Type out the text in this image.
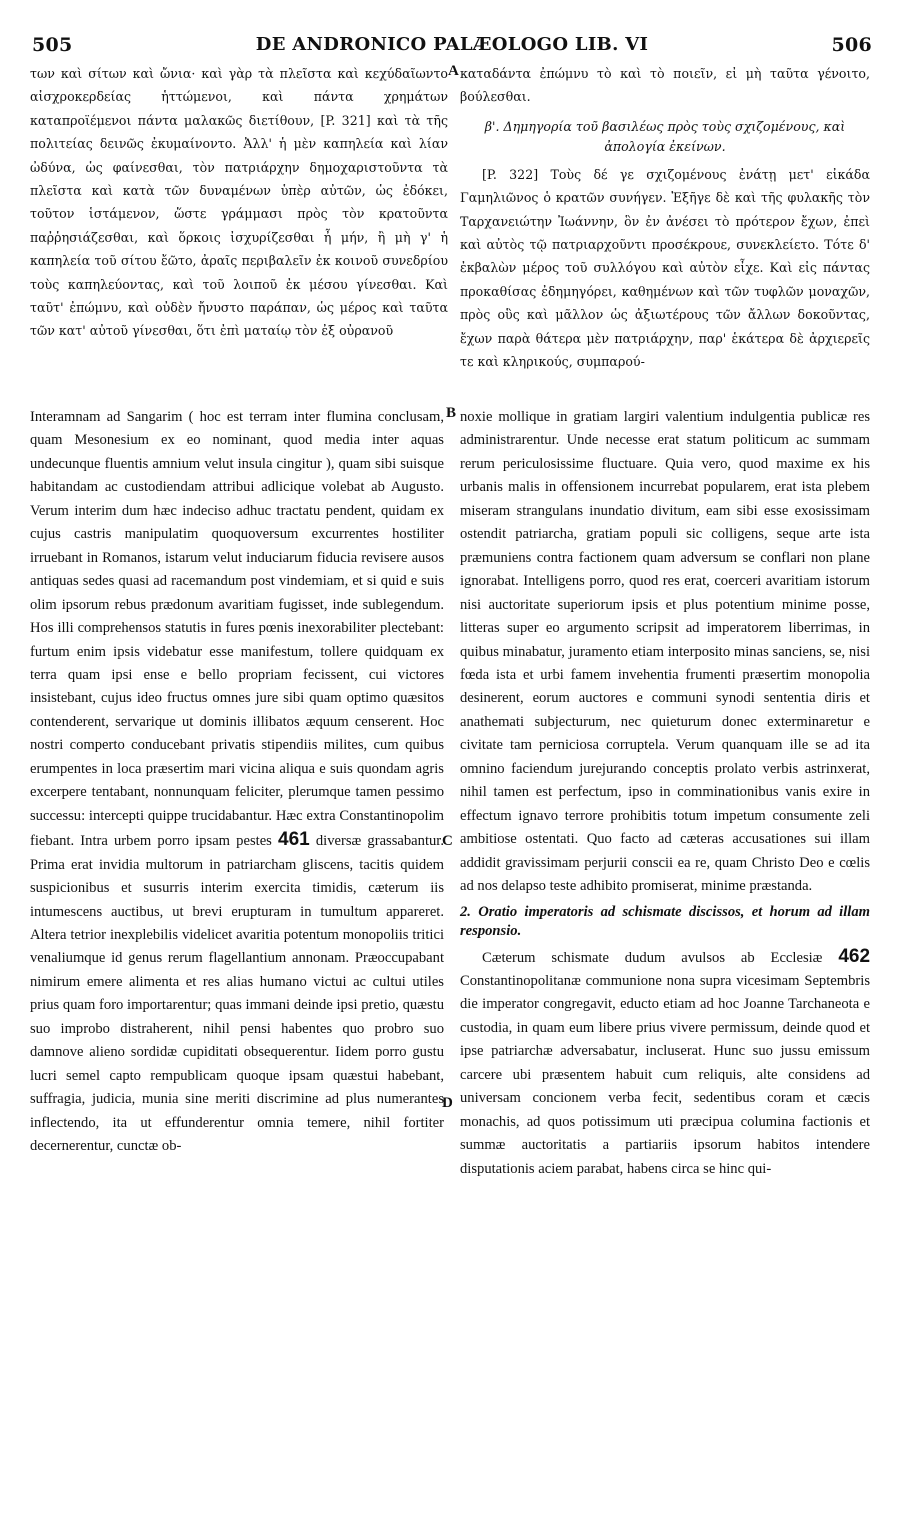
505	DE ANDRONICO PALÆOLOGO LIB. VI	506
A
B
C
D

των καὶ σίτων καὶ ὤνια· καὶ γὰρ τὰ πλεῖστα καὶ κεχύδαῖωντο αἰσχροκερδείας ἡττώμενοι, καὶ πάντα χρημάτων καταπροϊέμενοι πάντα μαλακῶς διετίθουν, [P. 321] καὶ τὰ τῆς πολιτείας δεινῶς ἐκυμαίνοντο. Ἀλλ' ἡ μὲν καπηλεία καὶ λίαν ὠδύνα, ὡς φαίνεσθαι, τὸν πατριάρχην δημοχαριστοῦντα τὰ πλεῖστα καὶ κατὰ τῶν δυναμένων ὑπὲρ αὐτῶν, ὡς ἐδόκει, τοῦτον ἱστάμενον, ὥστε γράμμασι πρὸς τὸν κρατοῦντα παῤῥησιάζεσθαι, καὶ ὅρκοις ἰσχυρίζεσθαι ἦ μήν, ἢ μὴ γ' ἡ καπηλεία τοῦ σίτου ἔῶτο, ἀραῖς περιβαλεῖν ἐκ κοινοῦ συνεδρίου τοὺς καπηλεύοντας, καὶ τοῦ λοιποῦ ἐκ μέσου γίνεσθαι. Καὶ ταῦτ' ἐπώμνυ, καὶ οὐδὲν ἤνυστο παράπαν, ὡς μέρος καὶ ταῦτα τῶν κατ' αὐτοῦ γίνεσθαι, ὅτι ἐπὶ ματαίῳ τὸν ἐξ οὐρανοῦ

καταδάντα ἐπώμνυ τὸ καὶ τὸ ποιεῖν, εἰ μὴ ταῦτα γένοιτο, βούλεσθαι.

β'. Δημηγορία τοῦ βασιλέως πρὸς τοὺς σχιζομένους, καὶ ἀπολογία ἐκείνων.

[P. 322] Τοὺς δέ γε σχιζομένους ἐνάτῃ μετ' εἰκάδα Γαμηλιῶνος ὁ κρατῶν συνήγεν. Ἐξῆγε δὲ καὶ τῆς φυλακῆς τὸν Ταρχανειώτην Ἰωάννην, ὃν ἐν ἀνέσει τὸ πρότερον ἔχων, ἐπεὶ καὶ αὐτὸς τῷ πατριαρχοῦντι προσέκρουε, συνεκλείετο. Τότε δ' ἐκβαλὼν μέρος τοῦ συλλόγου καὶ αὐτὸν εἶχε. Καὶ εἰς πάντας προκαθίσας ἐδημηγόρει, καθημένων καὶ τῶν τυφλῶν μοναχῶν, πρὸς οὓς καὶ μᾶλλον ὡς ἀξιωτέρους τῶν ἄλλων δοκοῦντας, ἔχων παρὰ θάτερα μὲν πατριάρχην, παρ' ἑκάτερα δὲ ἀρχιερεῖς τε καὶ κληρικούς, συμπαρού-

Interamnam ad Sangarim ( hoc est terram inter flumina conclusam, quam Mesonesium ex eo nominant, quod media inter aquas undecunque fluentis amnium velut insula cingitur ), quam sibi suisque habitandam ac custodiendam attribui adlicique volebat ab Augusto. Verum interim dum hæc indeciso adhuc tractatu pendent, quidam ex cujus castris manipulatim quoquoversum excurrentes hostiliter irruebant in Romanos, istarum velut induciarum fiducia revisere ausos antiquas sedes quasi ad racemandum post vindemiam, et si quid e suis olim ipsorum rebus prædonum avaritiam fugisset, inde sublegendum. Hos illi comprehensos statutis in fures pœnis inexorabiliter plectebant: furtum enim ipsis videbatur esse manifestum, tollere quidquam ex terra quam ipsi ense e bello propriam fecissent, cui victores insistebant, cujus ideo fructus omnes jure sibi quam optimo quæsitos contenderent, servarique ut dominis illibatos æquum censerent. Hoc nostri compertο conducebant privatis stipendiis milites, cum quibus erumpentes in loca præsertim mari vicina aliqua e suis quondam agris excerpere tentabant, nonnunquam feliciter, plerumque tamen pessimo successu: intercepti quippe trucidabantur. Hæc extra Constantinopolim fiebant. Intra urbem porro ipsam pestes 461 diversæ grassabantur. Prima erat invidia multorum in patriarcham gliscens, tacitis quidem suspicionibus et susurris interim exercita timidis, cæterum iis intumescens auctibus, ut brevi erupturam in tumultum appareret. Altera tetrior inexplebilis videlicet avaritia potentum monopoliis tritici venaliumque id genus rerum flagellantium annonam. Præoccupabant nimirum emere alimenta et res alias humano victui ac cultui utiles prius quam foro importarentur; quas immani deinde ipsi pretio, quæstu suo improbo distraherent, nihil pensi habentes quo probro suo damnove alieno sordidæ cupiditati obsequerentur. Iidem porro gustu lucri semel capto rempublicam quoque ipsam quæstui habebant, suffragia, judicia, munia sine meriti discrimine ad plus numerantes inflectendo, ita ut effunderentur omnia temere, nihil fortiter decernerentur, cunctæ ob-

noxie mollique in gratiam largiri valentium indulgentia publicæ res administrarentur. Unde necesse erat statum politicum ac summam rerum periculosissime fluctuare. Quia vero, quod maxime ex his urbanis malis in offensionem incurrebat popularem, erat ista plebem miseram strangulans inundatio divitum, eam sibi esse exosissimam ostendit patriarcha, gratiam populi sic colligens, seque arte ista præmuniens contra factionem quam adversum se conflari non plane ignorabat. Intelligens porro, quod res erat, coerceri avaritiam istorum nisi auctoritate superiorum ipsis et plus potentium minime posse, litteras super eo argumento scripsit ad imperatorem liberrimas, in quibus minabatur, juramento etiam interposito minas sanciens, se, nisi fœda ista et urbi famem invehentia frumenti præsertim monopolia desinerent, eorum auctores e communi synodi sententia diris et anathemati subjecturum, nec quieturum donec exterminaretur e civitate tam perniciosa corruptela. Verum quanquam ille se ad ita omnino faciendum jurejurando conceptis prolato verbis astrinxerat, nihil tamen est perfectum, ipso in comminationibus vanis exire in effectum ignavo terrore prohibitis totum impetum consumente zeli ambitiose ostentati. Quo facto ad cæteras accusationes sui illam addidit gravissimam perjurii conscii ea re, quam Christo Deo e cœlis ad nos delapso teste adhibito promiserat, minime præstanda.

2. Oratio imperatoris ad schismate discissos, et horum ad illam responsio.

Cæterum schismate dudum avulsos ab Ecclesiæ 462 Constantinopolitanæ communione nona supra vicesimam Septembris die imperator congregavit, educto etiam ad hoc Joanne Tarchaneota e custodia, in quam eum libere prius vivere permissum, deinde quod et ipse patriarchæ adversabatur, incluserat. Hunc suo jussu emissum carcere ubi præsentem habuit cum reliquis, alte considens ad universam concionem verba fecit, sedentibus coram et cæcis monachis, ad quos potissimum uti præcipua columina factionis et summæ auctoritatis a partiariis ipsorum habitos intendere disputationis aciem parabat, habens circa se hinc qui-
